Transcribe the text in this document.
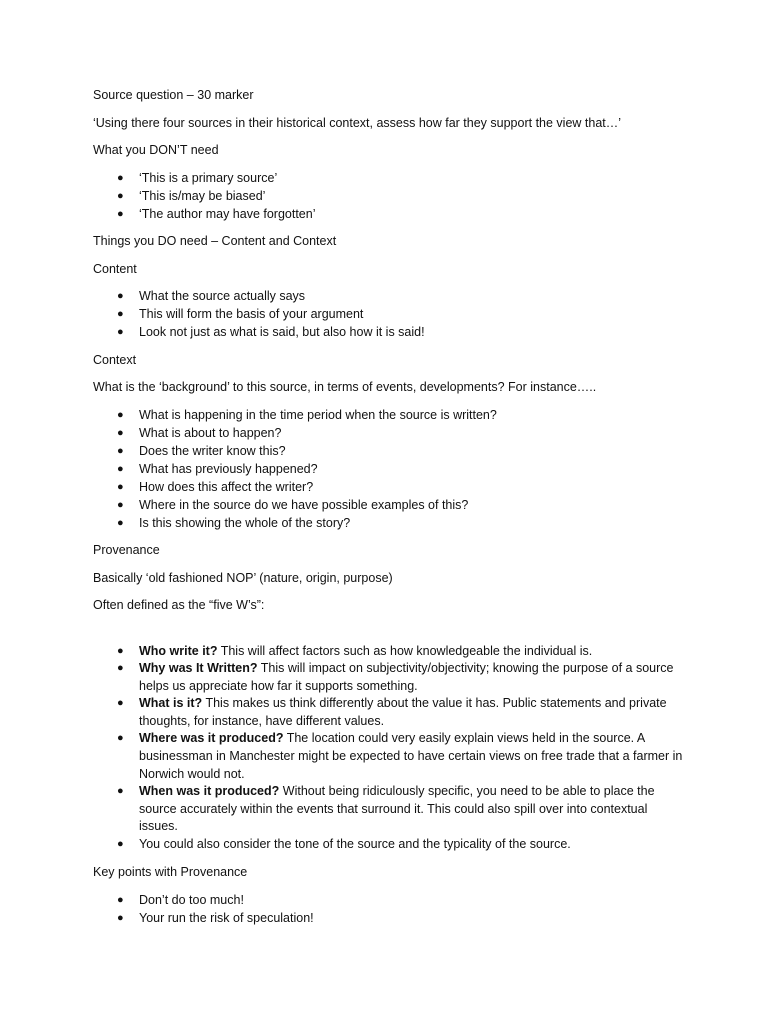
Source question – 30 marker

‘Using there four sources in their historical context, assess how far they support the view that…’

What you DON’T need

● ‘This is a primary source’
● ‘This is/may be biased’
● ‘The author may have forgotten’

Things you DO need – Content and Context

Content

● What the source actually says
● This will form the basis of your argument
● Look not just as what is said, but also how it is said!

Context

What is the ‘background’ to this source, in terms of events, developments? For instance…..

● What is happening in the time period when the source is written?
● What is about to happen?
● Does the writer know this?
● What has previously happened?
● How does this affect the writer?
● Where in the source do we have possible examples of this?
● Is this showing the whole of the story?

Provenance

Basically ‘old fashioned NOP’ (nature, origin, purpose)

Often defined as the “five W’s”:

● Who write it? This will affect factors such as how knowledgeable the individual is.
● Why was It Written? This will impact on subjectivity/objectivity; knowing the purpose of a source helps us appreciate how far it supports something.
● What is it? This makes us think differently about the value it has. Public statements and private thoughts, for instance, have different values.
● Where was it produced? The location could very easily explain views held in the source. A businessman in Manchester might be expected to have certain views on free trade that a farmer in Norwich would not.
● When was it produced? Without being ridiculously specific, you need to be able to place the source accurately within the events that surround it. This could also spill over into contextual issues.
● You could also consider the tone of the source and the typicality of the source.

Key points with Provenance

● Don’t do too much!
● Your run the risk of speculation!
